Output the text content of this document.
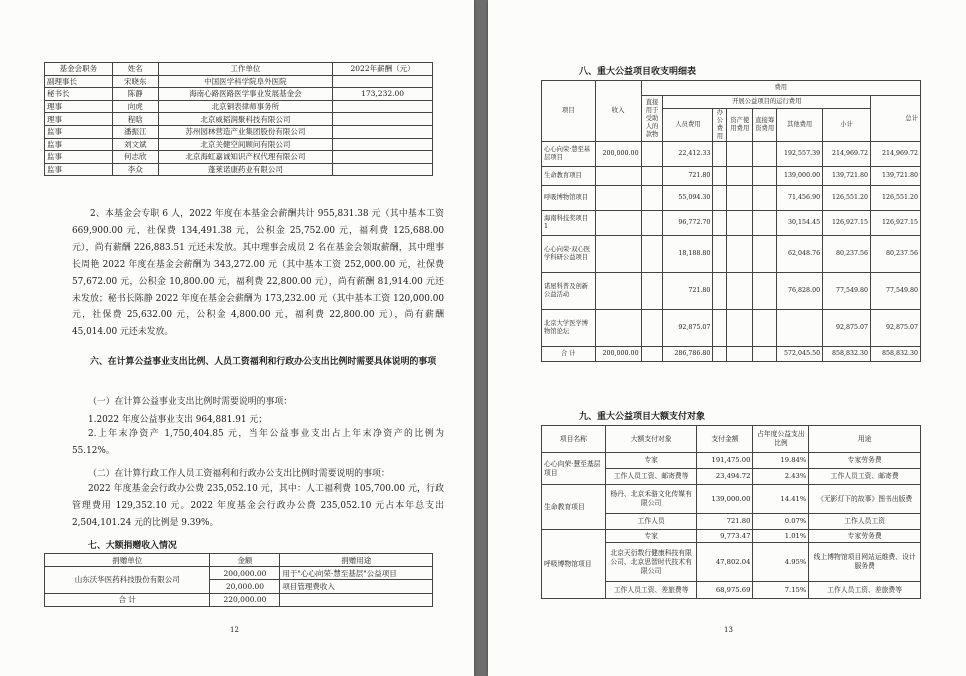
基金会职务	姓名	工作单位	2022年薪酬（元）
副理事长	宋晓东	中国医学科学院阜外医院	
秘书长	陈静	海南心路医路医学事业发展基金会	173,232.00
理事	向虎	北京铜表律师事务所	
理事	程晗	北京威韬润聚科技有限公司	
监事	潘振江	苏州园林营造产业集团股份有限公司	
监事	刘文斌	北京关健空间顾问有限公司	
监事	何志欣	北京海虹嘉诚知识产权代理有限公司	
监事	李众	蓬莱诺康药业有限公司	
2、本基金会专职 6 人，2022 年度在本基金会薪酬共计 955,831.38 元（其中基本工资 669,900.00 元，社保费 134,491.38 元，公积金 25,752.00 元，福利费 125,688.00 元），尚有薪酬 226,883.51 元还未发放。其中理事会成员 2 名在基金会领取薪酬，其中理事长周艳 2022 年度在基金会薪酬为 343,272.00 元（其中基本工资 252,000.00 元，社保费 57,672.00 元，公积金 10,800.00 元，福利费 22,800.00 元），尚有薪酬 81,914.00 元还未发放；秘书长陈静 2022 年度在基金会薪酬为 173,232.00 元（其中基本工资 120,000.00 元，社保费 25,632.00 元，公积金 4,800.00 元，福利费 22,800.00 元），尚有薪酬 45,014.00 元还未发放。
六、在计算公益事业支出比例、人员工资福利和行政办公支出比例时需要具体说明的事项
（一）在计算公益事业支出比例时需要说明的事项：
1.2022 年度公益事业支出 964,881.91 元；
2.上年末净资产 1,750,404.85 元，当年公益事业支出占上年末净资产的比例为 55.12%。
（二）在计算行政工作人员工资福利和行政办公支出比例时需要说明的事项：
2022 年度基金会行政办公费 235,052.10 元，其中：人工福利费 105,700.00 元，行政管理费用 129,352.10 元。2022 年度基金会行政办公费 235,052.10 元占本年总支出 2,504,101.24 元的比例是 9.39%。
七、大额捐赠收入情况
捐赠单位	金额	捐赠用途
山东沃华医药科技股份有限公司	200,000.00	用于"心心向荣·慧至基层"公益项目
	20,000.00	项目管理费收入
合 计	220,000.00	
12
八、重大公益项目收支明细表
九、重大公益项目大额支付对象
13
项目	收入	费用							
		直接用于受助人的款物	开展公益项目的运行费用						总计
			人员费用	办公费用	资产使用费用	直接筹资费用	其他费用	小计	
心心向荣·慧至基层项目	200,000.00		22,412.33				192,557.39	214,969.72	214,969.72
生命教育项目			721.80				139,000.00	139,721.80	139,721.80
呼吸博物馆项目			55,094.30				71,456.90	126,551.20	126,551.20
海南科技奖项目 1			96,772.70				30,154.45	126,927.15	126,927.15
心心向荣·双心医学科研公益项目			18,188.80				62,048.76	80,237.56	80,237.56
诺屋科普及创新公益活动			721.80				76,828.00	77,549.80	77,549.80
北京大学医学博物馆论坛			92,875.07					92,875.07	92,875.07
合 计	200,000.00		286,786.80				572,045.50	858,832.30	858,832.30
项目名称	大额支付对象	支付金额	占年度公益支出比例	用途
心心向荣·慧至基层项目	专家	191,475.00	19.84%	专家劳务费
	工作人员工资、邮寄费等	23,494.72	2.43%	工作人员工资、邮寄费
生命教育项目	杨丹、北京禾骆文化传媒有限公司	139,000.00	14.41%	《无影灯下的故事》图书出版费
	工作人员	721.80	0.07%	工作人员工资
呼吸博物馆项目	专家	9,773.47	1.01%	专家劳务费
	北京天衍数行健康科技有限公司、北京思智时代技术有限公司	47,802.04	4.95%	线上博物馆项目网站运维费、设计服务费
	工作人员工资、差旅费等	68,975.69	7.15%	工作人员工资、差旅费等
